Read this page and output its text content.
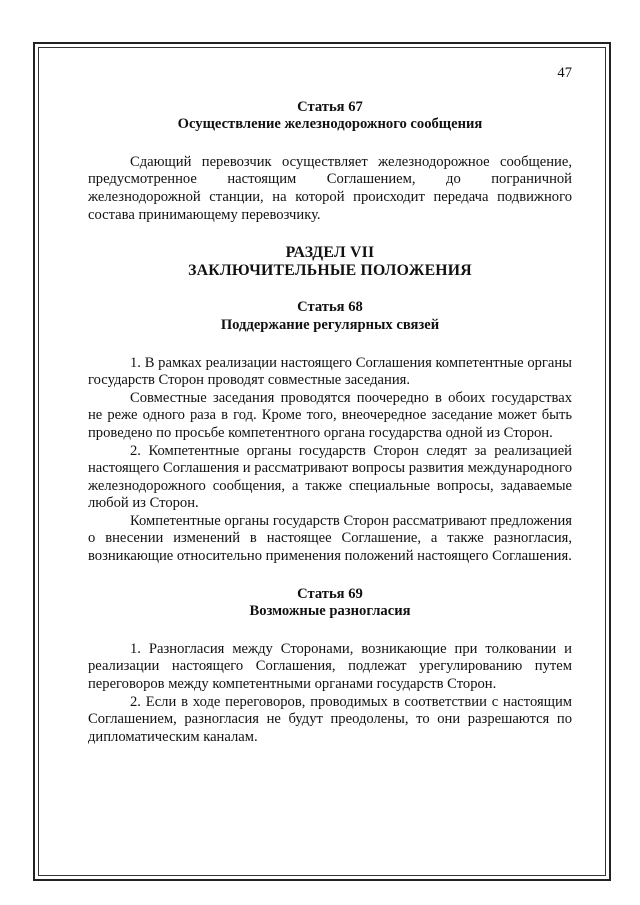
47
Статья 67
Осуществление железнодорожного сообщения

Сдающий перевозчик осуществляет железнодорожное сообщение, предусмотренное настоящим Соглашением, до пограничной железнодорожной станции, на которой происходит передача подвижного состава принимающему перевозчику.

РАЗДЕЛ VII
ЗАКЛЮЧИТЕЛЬНЫЕ ПОЛОЖЕНИЯ
Статья 68
Поддержание регулярных связей

1. В рамках реализации настоящего Соглашения компетентные органы государств Сторон проводят совместные заседания.

Совместные заседания проводятся поочередно в обоих государствах не реже одного раза в год. Кроме того, внеочередное заседание может быть проведено по просьбе компетентного органа государства одной из Сторон.

2. Компетентные органы государств Сторон следят за реализацией настоящего Соглашения и рассматривают вопросы развития международного железнодорожного сообщения, а также специальные вопросы, задаваемые любой из Сторон.

Компетентные органы государств Сторон рассматривают предложения о внесении изменений в настоящее Соглашение, а также разногласия, возникающие относительно применения положений настоящего Соглашения.

Статья 69
Возможные разногласия

1. Разногласия между Сторонами, возникающие при толковании и реализации настоящего Соглашения, подлежат урегулированию путем переговоров между компетентными органами государств Сторон.

2. Если в ходе переговоров, проводимых в соответствии с настоящим Соглашением, разногласия не будут преодолены, то они разрешаются по дипломатическим каналам.
